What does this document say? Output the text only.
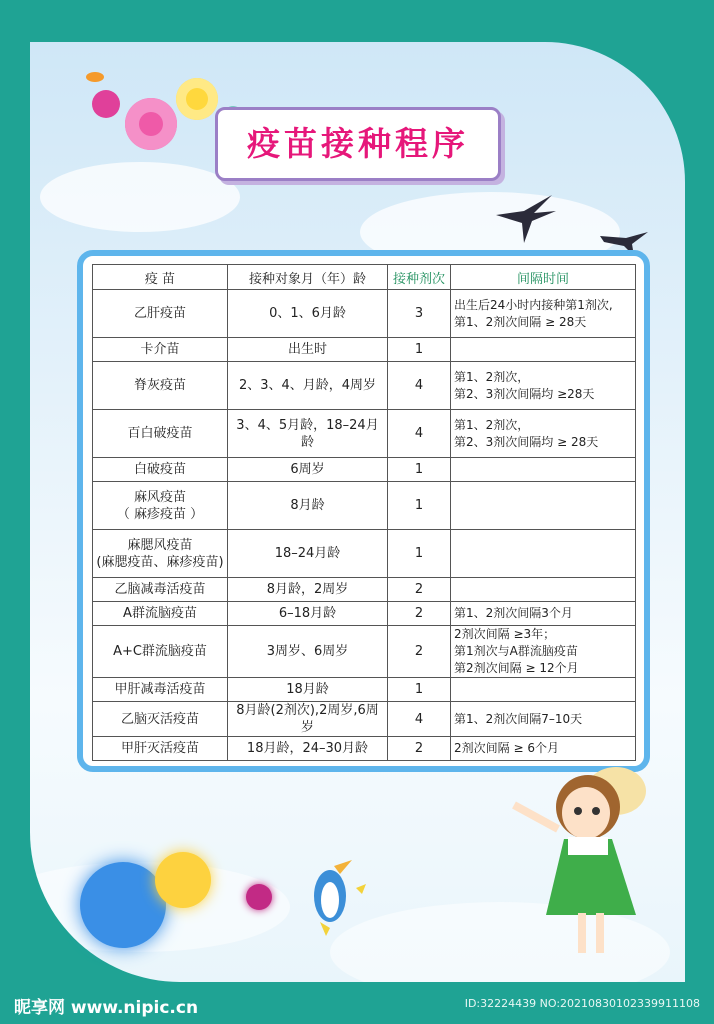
疫苗接种程序
疫 苗	接种对象月（年）龄	接种剂次	间隔时间
乙肝疫苗	0、1、6月龄	3	出生后24小时内接种第1剂次,
第1、2剂次间隔 ≥ 28天
卡介苗	出生时	1	
脊灰疫苗	2、3、4、月龄，4周岁	4	第1、2剂次，
第2、3剂次间隔均 ≥28天
百白破疫苗	3、4、5月龄，18–24月龄	4	第1、2剂次，
第2、3剂次间隔均 ≥ 28天
白破疫苗	6周岁	1	
麻风疫苗
（ 麻疹疫苗 ）	8月龄	1	
麻腮风疫苗
(麻腮疫苗、麻疹疫苗)	18–24月龄	1	
乙脑减毒活疫苗	8月龄，2周岁	2	
A群流脑疫苗	6–18月龄	2	第1、2剂次间隔3个月
A+C群流脑疫苗	3周岁、6周岁	2	2剂次间隔 ≥3年；
第1剂次与A群流脑疫苗
第2剂次间隔 ≥ 12个月
甲肝减毒活疫苗	18月龄	1	
乙脑灭活疫苗	8月龄(2剂次),2周岁,6周岁	4	第1、2剂次间隔7–10天
甲肝灭活疫苗	18月龄，24–30月龄	2	2剂次间隔 ≥ 6个月
昵享网 www.nipic.cn	ID:32224439 NO:20210830102339911108
